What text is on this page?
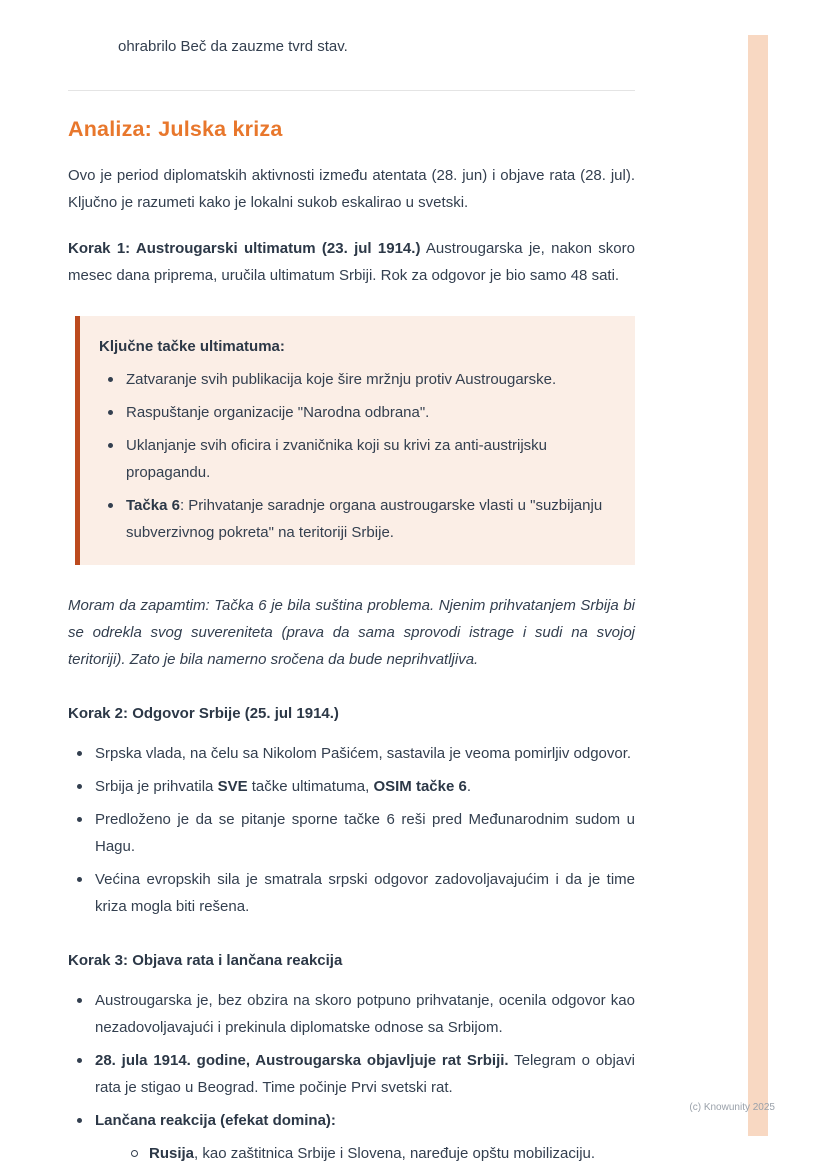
ohrabrilo Beč da zauzme tvrd stav.

Analiza: Julska kriza

Ovo je period diplomatskih aktivnosti između atentata (28. jun) i objave rata (28. jul). Ključno je razumeti kako je lokalni sukob eskalirao u svetski.

Korak 1: Austrougarski ultimatum (23. jul 1914.) Austrougarska je, nakon skoro mesec dana priprema, uručila ultimatum Srbiji. Rok za odgovor je bio samo 48 sati.

Ključne tačke ultimatuma:

Zatvaranje svih publikacija koje šire mržnju protiv Austrougarske.
Raspuštanje organizacije "Narodna odbrana".
Uklanjanje svih oficira i zvaničnika koji su krivi za anti-austrijsku propagandu.
Tačka 6: Prihvatanje saradnje organa austrougarske vlasti u "suzbijanju subverzivnog pokreta" na teritoriji Srbije.

Moram da zapamtim: Tačka 6 je bila suština problema. Njenim prihvatanjem Srbija bi se odrekla svog suvereniteta (prava da sama sprovodi istrage i sudi na svojoj teritoriji). Zato je bila namerno sročena da bude neprihvatljiva.

Korak 2: Odgovor Srbije (25. jul 1914.)

Srpska vlada, na čelu sa Nikolom Pašićem, sastavila je veoma pomirljiv odgovor.
Srbija je prihvatila SVE tačke ultimatuma, OSIM tačke 6.
Predloženo je da se pitanje sporne tačke 6 reši pred Međunarodnim sudom u Hagu.
Većina evropskih sila je smatrala srpski odgovor zadovoljavajućim i da je time kriza mogla biti rešena.

Korak 3: Objava rata i lančana reakcija

Austrougarska je, bez obzira na skoro potpuno prihvatanje, ocenila odgovor kao nezadovoljavajući i prekinula diplomatske odnose sa Srbijom.
28. jula 1914. godine, Austrougarska objavljuje rat Srbiji. Telegram o objavi rata je stigao u Beograd. Time počinje Prvi svetski rat.
Lančana reakcija (efekat domina):
Rusija, kao zaštitnica Srbije i Slovena, naređuje opštu mobilizaciju.
(c) Knowunity 2025
